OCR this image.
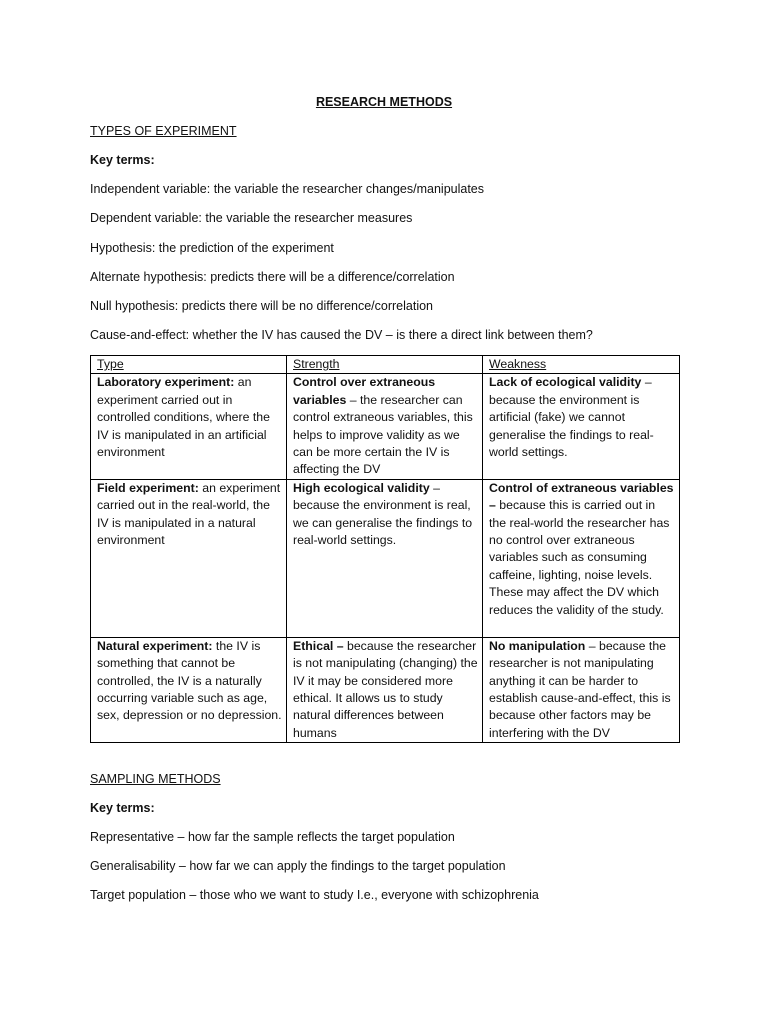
RESEARCH METHODS
TYPES OF EXPERIMENT
Key terms:
Independent variable: the variable the researcher changes/manipulates
Dependent variable: the variable the researcher measures
Hypothesis: the prediction of the experiment
Alternate hypothesis: predicts there will be a difference/correlation
Null hypothesis: predicts there will be no difference/correlation
Cause-and-effect: whether the IV has caused the DV – is there a direct link between them?
Type	Strength	Weakness
Laboratory experiment: an experiment carried out in controlled conditions, where the IV is manipulated in an artificial environment	Control over extraneous variables – the researcher can control extraneous variables, this helps to improve validity as we can be more certain the IV is affecting the DV	Lack of ecological validity – because the environment is artificial (fake) we cannot generalise the findings to real-world settings.
Field experiment: an experiment carried out in the real-world, the IV is manipulated in a natural environment	High ecological validity – because the environment is real, we can generalise the findings to real-world settings.	Control of extraneous variables – because this is carried out in the real-world the researcher has no control over extraneous variables such as consuming caffeine, lighting, noise levels. These may affect the DV which reduces the validity of the study.
Natural experiment: the IV is something that cannot be controlled, the IV is a naturally occurring variable such as age, sex, depression or no depression.	Ethical – because the researcher is not manipulating (changing) the IV it may be considered more ethical. It allows us to study natural differences between humans	No manipulation – because the researcher is not manipulating anything it can be harder to establish cause-and-effect, this is because other factors may be interfering with the DV
SAMPLING METHODS
Key terms:
Representative – how far the sample reflects the target population
Generalisability – how far we can apply the findings to the target population
Target population – those who we want to study I.e., everyone with schizophrenia
